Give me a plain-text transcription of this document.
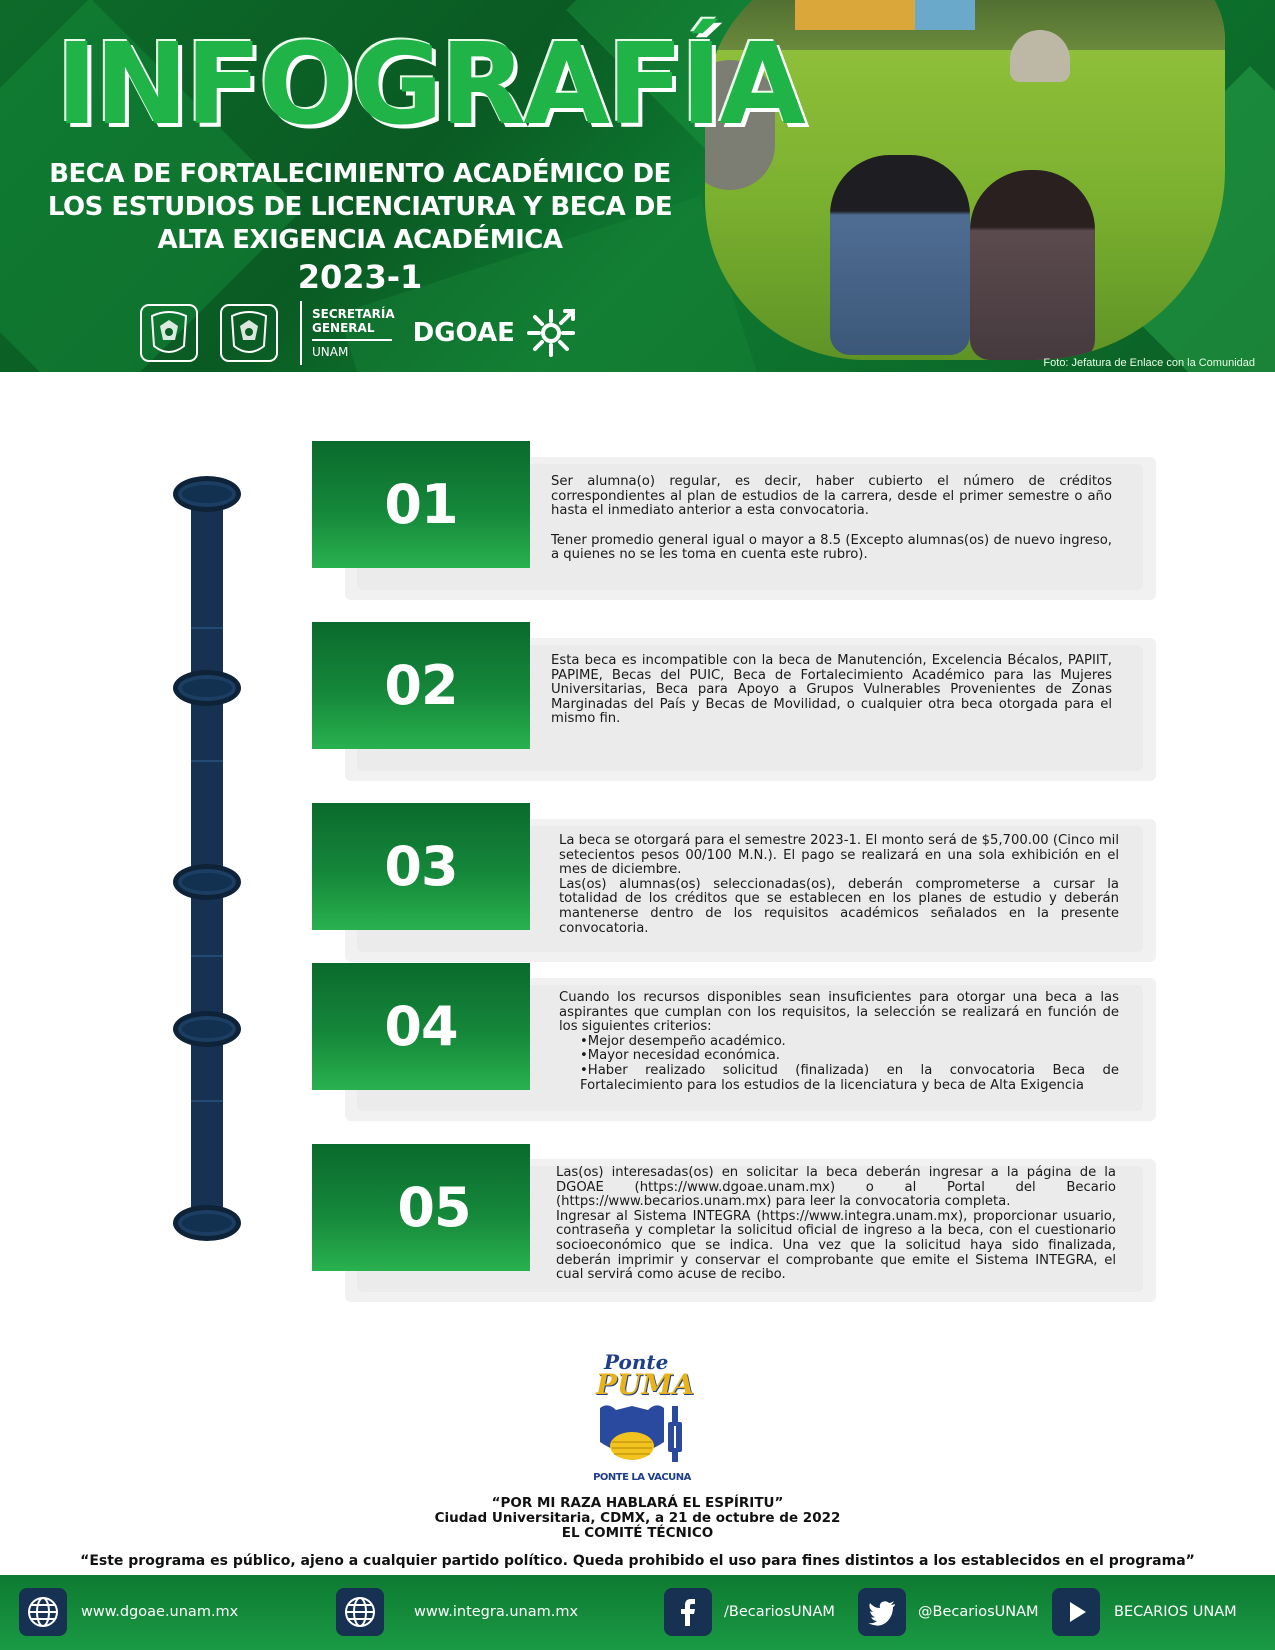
INFOGRAFÍA
BECA DE FORTALECIMIENTO ACADÉMICO DE
LOS ESTUDIOS DE LICENCIATURA Y BECA DE
ALTA EXIGENCIA ACADÉMICA
2023-1
SECRETARÍA
GENERAL
UNAM
DGOAE
Foto: Jefatura de Enlace con la Comunidad
01	Ser alumna(o) regular, es decir, haber cubierto el número de créditos correspondientes al plan de estudios de la carrera, desde el primer semestre o año hasta el inmediato anterior a esta convocatoria.

Tener promedio general igual o mayor a 8.5 (Excepto alumnas(os) de nuevo ingreso, a quienes no se les toma en cuenta este rubro).

02	Esta beca es incompatible con la beca de Manutención, Excelencia Bécalos, PAPIIT, PAPIME, Becas del PUIC, Beca de Fortalecimiento Académico para las Mujeres Universitarias, Beca para Apoyo a Grupos Vulnerables Provenientes de Zonas Marginadas del País y Becas de Movilidad, o cualquier otra beca otorgada para el mismo fin.

03	La beca se otorgará para el semestre 2023-1. El monto será de $5,700.00 (Cinco mil setecientos pesos 00/100 M.N.). El pago se realizará en una sola exhibición en el mes de diciembre.

Las(os) alumnas(os) seleccionadas(os), deberán comprometerse a cursar la totalidad de los créditos que se establecen en los planes de estudio y deberán mantenerse dentro de los requisitos académicos señalados en la presente convocatoria.

04	Cuando los recursos disponibles sean insuficientes para otorgar una beca a las aspirantes que cumplan con los requisitos, la selección se realizará en función de los siguientes criterios:

•Mejor desempeño académico.

•Mayor necesidad económica.

•Haber realizado solicitud (finalizada) en la convocatoria Beca de Fortalecimiento para los estudios de la licenciatura y beca de Alta Exigencia

05

Las(os) interesadas(os) en solicitar la beca deberán ingresar a la página de la DGOAE (https://www.dgoae.unam.mx) o al Portal del Becario (https://www.becarios.unam.mx) para leer la convocatoria completa.

Ingresar al Sistema INTEGRA (https://www.integra.unam.mx), proporcionar usuario, contraseña y completar la solicitud oficial de ingreso a la beca, con el cuestionario socioeconómico que se indica. Una vez que la solicitud haya sido finalizada, deberán imprimir y conservar el comprobante que emite el Sistema INTEGRA, el cual servirá como acuse de recibo.

Ponte
PUMA
PONTE LA VACUNA
“POR MI RAZA HABLARÁ EL ESPÍRITU”
Ciudad Universitaria, CDMX, a 21 de octubre de 2022
EL COMITÉ TÉCNICO
“Este programa es público, ajeno a cualquier partido político. Queda prohibido el uso para fines distintos a los establecidos en el programa”
www.dgoae.unam.mx	www.integra.unam.mx	/BecariosUNAM	@BecariosUNAM	BECARIOS UNAM
